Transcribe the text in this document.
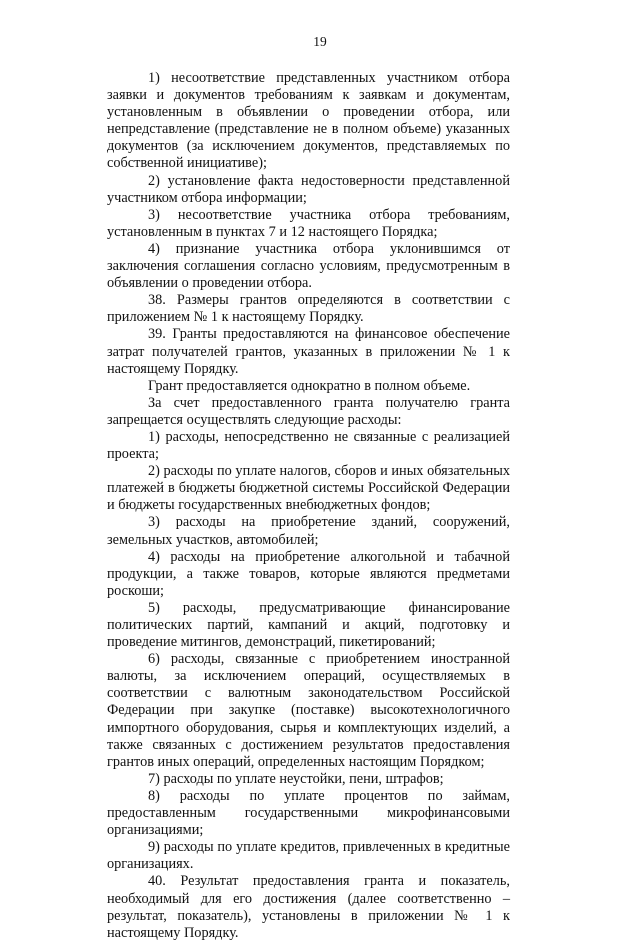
19

1) несоответствие представленных участником отбора заявки и документов требованиям к заявкам и документам, установленным в объявлении о проведении отбора, или непредставление (представление не в полном объеме) указанных документов (за исключением документов, представляемых по собственной инициативе);

2) установление факта недостоверности представленной участником отбора информации;

3) несоответствие участника отбора требованиям, установленным в пунктах 7 и 12 настоящего Порядка;

4) признание участника отбора уклонившимся от заключения соглашения согласно условиям, предусмотренным в объявлении о проведении отбора.

38. Размеры грантов определяются в соответствии с приложением № 1 к настоящему Порядку.

39. Гранты предоставляются на финансовое обеспечение затрат получателей грантов, указанных в приложении № 1 к настоящему Порядку.

Грант предоставляется однократно в полном объеме.

За счет предоставленного гранта получателю гранта запрещается осуществлять следующие расходы:

1) расходы, непосредственно не связанные с реализацией проекта;

2) расходы по уплате налогов, сборов и иных обязательных платежей в бюджеты бюджетной системы Российской Федерации и бюджеты государственных внебюджетных фондов;

3) расходы на приобретение зданий, сооружений, земельных участков, автомобилей;

4) расходы на приобретение алкогольной и табачной продукции, а также товаров, которые являются предметами роскоши;

5) расходы, предусматривающие финансирование политических партий, кампаний и акций, подготовку и проведение митингов, демонстраций, пикетирований;

6) расходы, связанные с приобретением иностранной валюты, за исключением операций, осуществляемых в соответствии с валютным законодательством Российской Федерации при закупке (поставке) высокотехнологичного импортного оборудования, сырья и комплектующих изделий, а также связанных с достижением результатов предоставления грантов иных операций, определенных настоящим Порядком;

7) расходы по уплате неустойки, пени, штрафов;

8) расходы по уплате процентов по займам, предоставленным государственными микрофинансовыми организациями;

9) расходы по уплате кредитов, привлеченных в кредитные организациях.

40. Результат предоставления гранта и показатель, необходимый для его достижения (далее соответственно – результат, показатель), установлены в приложении № 1 к настоящему Порядку.
